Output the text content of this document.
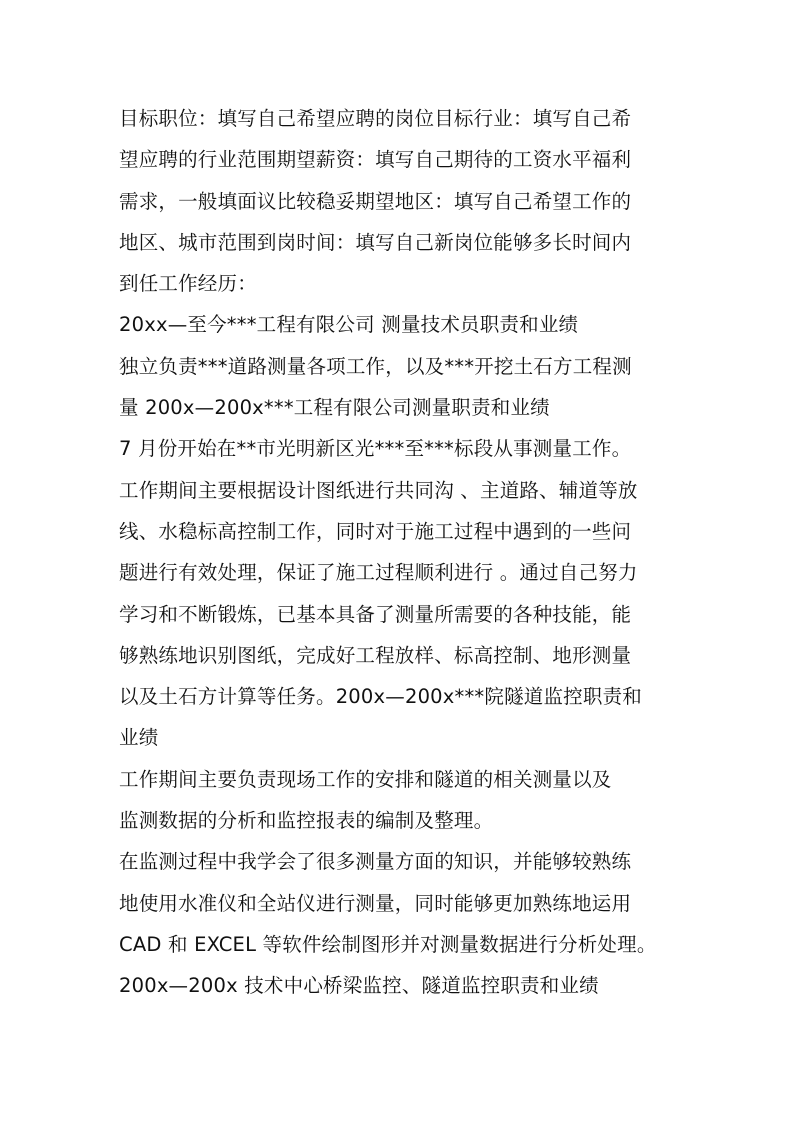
目标职位：填写自己希望应聘的岗位目标行业：填写自己希
望应聘的行业范围期望薪资：填写自己期待的工资水平福利
需求，一般填面议比较稳妥期望地区：填写自己希望工作的
地区、城市范围到岗时间：填写自己新岗位能够多长时间内
到任工作经历：
20xx—至今***工程有限公司 测量技术员职责和业绩
独立负责***道路测量各项工作，以及***开挖土石方工程测
量 200x—200x***工程有限公司测量职责和业绩
7 月份开始在**市光明新区光***至***标段从事测量工作。
工作期间主要根据设计图纸进行共同沟 、主道路、辅道等放
线、水稳标高控制工作，同时对于施工过程中遇到的一些问
题进行有效处理，保证了施工过程顺利进行 。通过自己努力
学习和不断锻炼，已基本具备了测量所需要的各种技能，能
够熟练地识别图纸，完成好工程放样、标高控制、地形测量
以及土石方计算等任务。200x—200x***院隧道监控职责和
业绩
工作期间主要负责现场工作的安排和隧道的相关测量以及
监测数据的分析和监控报表的编制及整理。
在监测过程中我学会了很多测量方面的知识，并能够较熟练
地使用水准仪和全站仪进行测量，同时能够更加熟练地运用
CAD 和 EXCEL 等软件绘制图形并对测量数据进行分析处理。
200x—200x 技术中心桥梁监控、隧道监控职责和业绩
